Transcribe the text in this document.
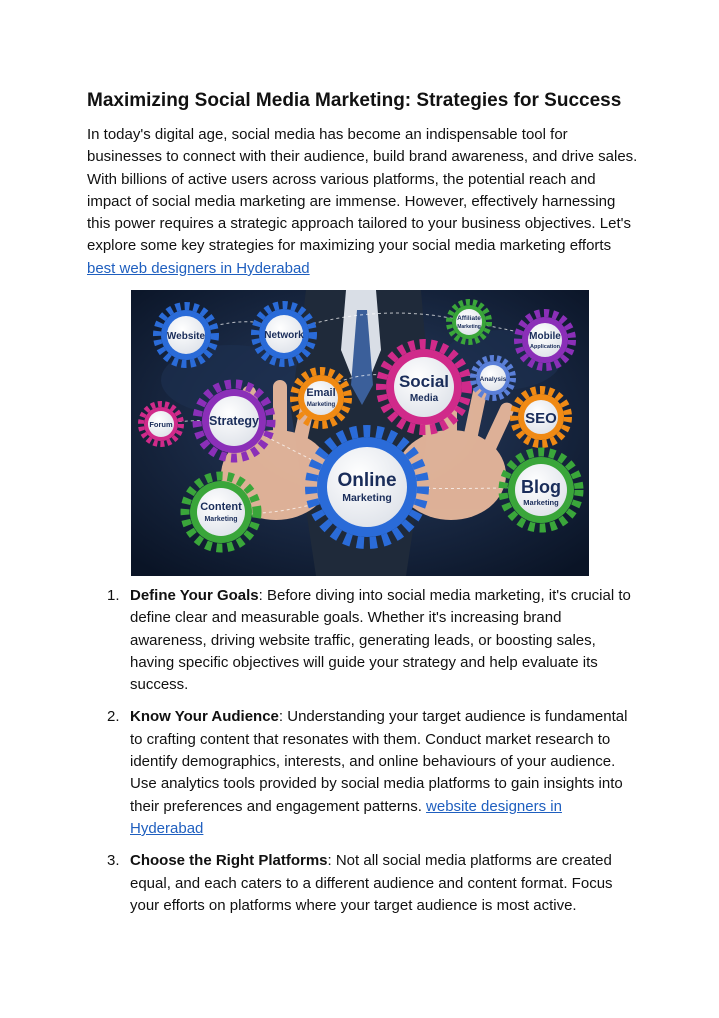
Maximizing Social Media Marketing: Strategies for Success

In today's digital age, social media has become an indispensable tool for businesses to connect with their audience, build brand awareness, and drive sales. With billions of active users across various platforms, the potential reach and impact of social media marketing are immense. However, effectively harnessing this power requires a strategic approach tailored to your business objectives. Let's explore some key strategies for maximizing your social media marketing efforts best web designers in Hyderabad

Website	Network
Affiliate
Marketing
Mobile
Application
Email
Marketing
Social
Media
Analysis
SEO
Forum	Strategy
Online
Marketing
Content
Marketing
Blog
Marketing
1. Define Your Goals: Before diving into social media marketing, it's crucial to define clear and measurable goals. Whether it's increasing brand awareness, driving website traffic, generating leads, or boosting sales, having specific objectives will guide your strategy and help evaluate its success.
2. Know Your Audience: Understanding your target audience is fundamental to crafting content that resonates with them. Conduct market research to identify demographics, interests, and online behaviours of your audience. Use analytics tools provided by social media platforms to gain insights into their preferences and engagement patterns. website designers in Hyderabad
3. Choose the Right Platforms: Not all social media platforms are created equal, and each caters to a different audience and content format. Focus your efforts on platforms where your target audience is most active.
